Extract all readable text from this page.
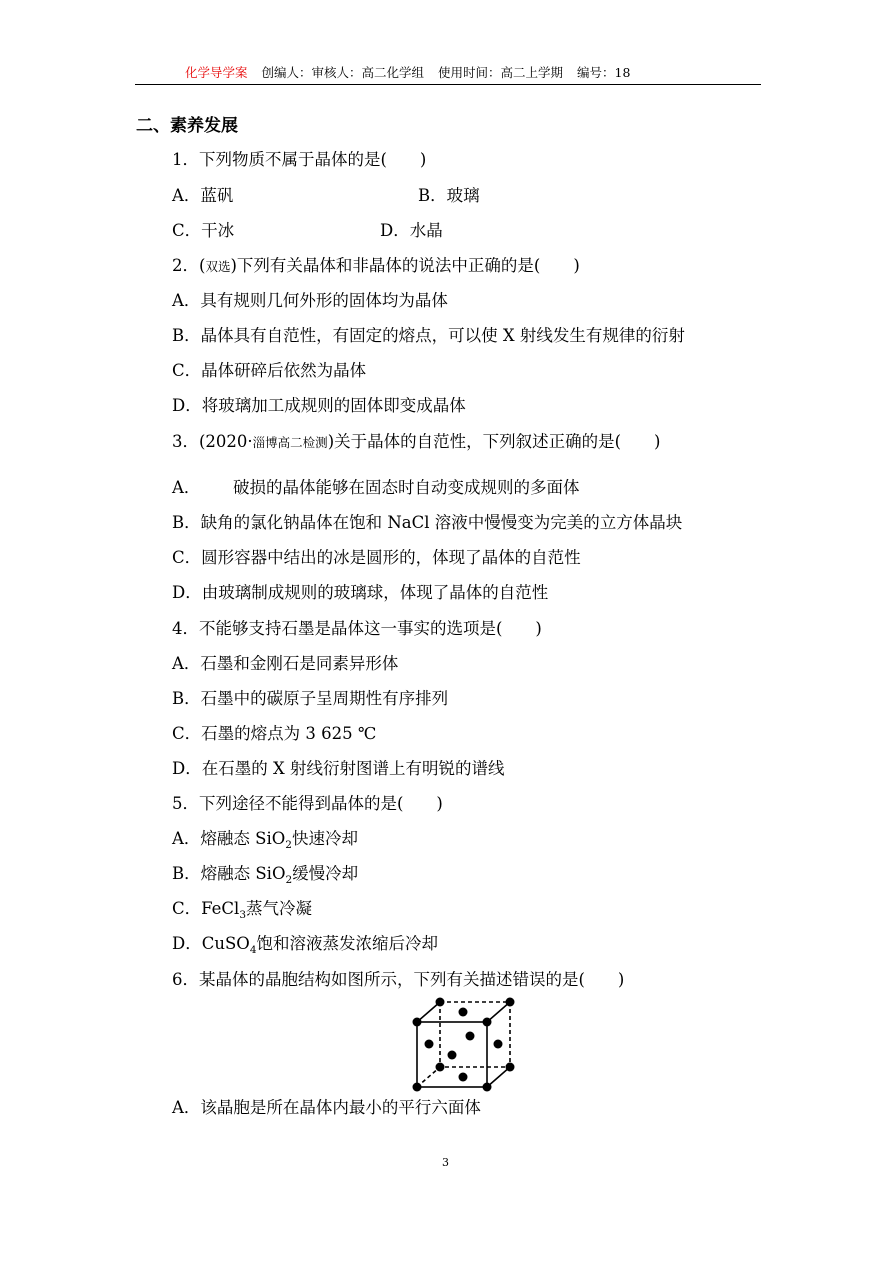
化学导学案 创编人：审核人：高二化学组 使用时间：高二上学期 编号：18
二、素养发展
1．下列物质不属于晶体的是(　　)
A．蓝矾	B．玻璃
C．干冰	D．水晶
2．(双选)下列有关晶体和非晶体的说法中正确的是(　　)
A．具有规则几何外形的固体均为晶体
B．晶体具有自范性，有固定的熔点，可以使 X 射线发生有规律的衍射
C．晶体研碎后依然为晶体
D．将玻璃加工成规则的固体即变成晶体
3．(2020·淄博高二检测)关于晶体的自范性，下列叙述正确的是(　　)
A． 破损的晶体能够在固态时自动变成规则的多面体
B．缺角的氯化钠晶体在饱和 NaCl 溶液中慢慢变为完美的立方体晶块
C．圆形容器中结出的冰是圆形的，体现了晶体的自范性
D．由玻璃制成规则的玻璃球，体现了晶体的自范性
4．不能够支持石墨是晶体这一事实的选项是(　　)
A．石墨和金刚石是同素异形体
B．石墨中的碳原子呈周期性有序排列
C．石墨的熔点为 3 625 ℃
D．在石墨的 X 射线衍射图谱上有明锐的谱线
5．下列途径不能得到晶体的是(　　)
A．熔融态 SiO$_2$快速冷却
B．熔融态 SiO$_2$缓慢冷却
C．FeCl$_3$蒸气冷凝
D．CuSO$_4$饱和溶液蒸发浓缩后冷却
6．某晶体的晶胞结构如图所示，下列有关描述错误的是(　　)
A．该晶胞是所在晶体内最小的平行六面体
3
